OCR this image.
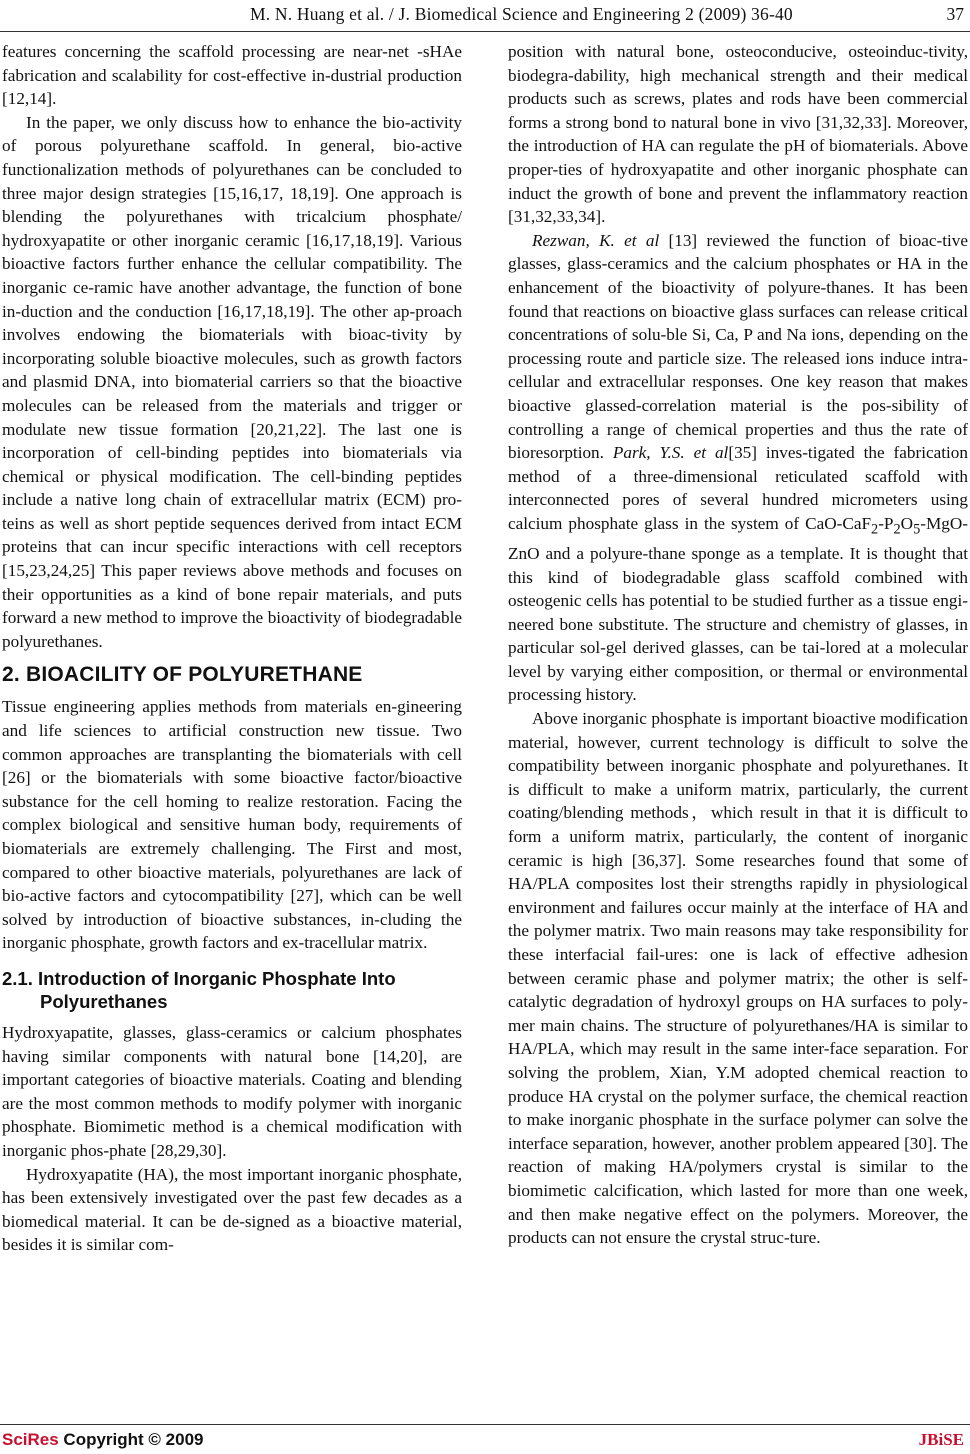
M. N. Huang et al. / J. Biomedical Science and Engineering 2 (2009) 36-40	37

features concerning the scaffold processing are near-net -sHAe fabrication and scalability for cost-effective in-dustrial production [12,14].

In the paper, we only discuss how to enhance the bio-activity of porous polyurethane scaffold. In general, bio-active functionalization methods of polyurethanes can be concluded to three major design strategies [15,16,17, 18,19]. One approach is blending the polyurethanes with tricalcium phosphate/ hydroxyapatite or other inorganic ceramic [16,17,18,19]. Various bioactive factors further enhance the cellular compatibility. The inorganic ce-ramic have another advantage, the function of bone in-duction and the conduction [16,17,18,19]. The other ap-proach involves endowing the biomaterials with bioac-tivity by incorporating soluble bioactive molecules, such as growth factors and plasmid DNA, into biomaterial carriers so that the bioactive molecules can be released from the materials and trigger or modulate new tissue formation [20,21,22]. The last one is incorporation of cell-binding peptides into biomaterials via chemical or physical modification. The cell-binding peptides include a native long chain of extracellular matrix (ECM) pro-teins as well as short peptide sequences derived from intact ECM proteins that can incur specific interactions with cell receptors [15,23,24,25] This paper reviews above methods and focuses on their opportunities as a kind of bone repair materials, and puts forward a new method to improve the bioactivity of biodegradable polyurethanes.

2. BIOACILITY OF POLYURETHANE

Tissue engineering applies methods from materials en-gineering and life sciences to artificial construction new tissue. Two common approaches are transplanting the biomaterials with cell [26] or the biomaterials with some bioactive factor/bioactive substance for the cell homing to realize restoration. Facing the complex biological and sensitive human body, requirements of biomaterials are extremely challenging. The First and most, compared to other bioactive materials, polyurethanes are lack of bio-active factors and cytocompatibility [27], which can be well solved by introduction of bioactive substances, in-cluding the inorganic phosphate, growth factors and ex-tracellular matrix.

2.1. Introduction of Inorganic Phosphate Into Polyurethanes

Hydroxyapatite, glasses, glass-ceramics or calcium phosphates having similar components with natural bone [14,20], are important categories of bioactive materials. Coating and blending are the most common methods to modify polymer with inorganic phosphate. Biomimetic method is a chemical modification with inorganic phos-phate [28,29,30].

Hydroxyapatite (HA), the most important inorganic phosphate, has been extensively investigated over the past few decades as a biomedical material. It can be de-signed as a bioactive material, besides it is similar com-

position with natural bone, osteoconducive, osteoinduc-tivity, biodegra-dability, high mechanical strength and their medical products such as screws, plates and rods have been commercial forms a strong bond to natural bone in vivo [31,32,33]. Moreover, the introduction of HA can regulate the pH of biomaterials. Above proper-ties of hydroxyapatite and other inorganic phosphate can induct the growth of bone and prevent the inflammatory reaction [31,32,33,34].

Rezwan, K. et al [13] reviewed the function of bioac-tive glasses, glass-ceramics and the calcium phosphates or HA in the enhancement of the bioactivity of polyure-thanes. It has been found that reactions on bioactive glass surfaces can release critical concentrations of solu-ble Si, Ca, P and Na ions, depending on the processing route and particle size. The released ions induce intra-cellular and extracellular responses. One key reason that makes bioactive glassed-correlation material is the pos-sibility of controlling a range of chemical properties and thus the rate of bioresorption. Park, Y.S. et al[35] inves-tigated the fabrication method of a three-dimensional reticulated scaffold with interconnected pores of several hundred micrometers using calcium phosphate glass in the system of CaO-$CaF_2-P_2O_5-MgO$-ZnO and a polyure-thane sponge as a template. It is thought that this kind of biodegradable glass scaffold combined with osteogenic cells has potential to be studied further as a tissue engi-neered bone substitute. The structure and chemistry of glasses, in particular sol-gel derived glasses, can be tai-lored at a molecular level by varying either composition, or thermal or environmental processing history.

Above inorganic phosphate is important bioactive modification material, however, current technology is difficult to solve the compatibility between inorganic phosphate and polyurethanes. It is difficult to make a uniform matrix, particularly, the current coating/blending methods，which result in that it is difficult to form a uniform matrix, particularly, the content of inorganic ceramic is high [36,37]. Some researches found that some of HA/PLA composites lost their strengths rapidly in physiological environment and failures occur mainly at the interface of HA and the polymer matrix. Two main reasons may take responsibility for these interfacial fail-ures: one is lack of effective adhesion between ceramic phase and polymer matrix; the other is self-catalytic degradation of hydroxyl groups on HA surfaces to poly-mer main chains. The structure of polyurethanes/HA is similar to HA/PLA, which may result in the same inter-face separation. For solving the problem, Xian, Y.M adopted chemical reaction to produce HA crystal on the polymer surface, the chemical reaction to make inorganic phosphate in the surface polymer can solve the interface separation, however, another problem appeared [30]. The reaction of making HA/polymers crystal is similar to the biomimetic calcification, which lasted for more than one week, and then make negative effect on the polymers. Moreover, the products can not ensure the crystal struc-ture.

SciRes Copyright © 2009	JBiSE
